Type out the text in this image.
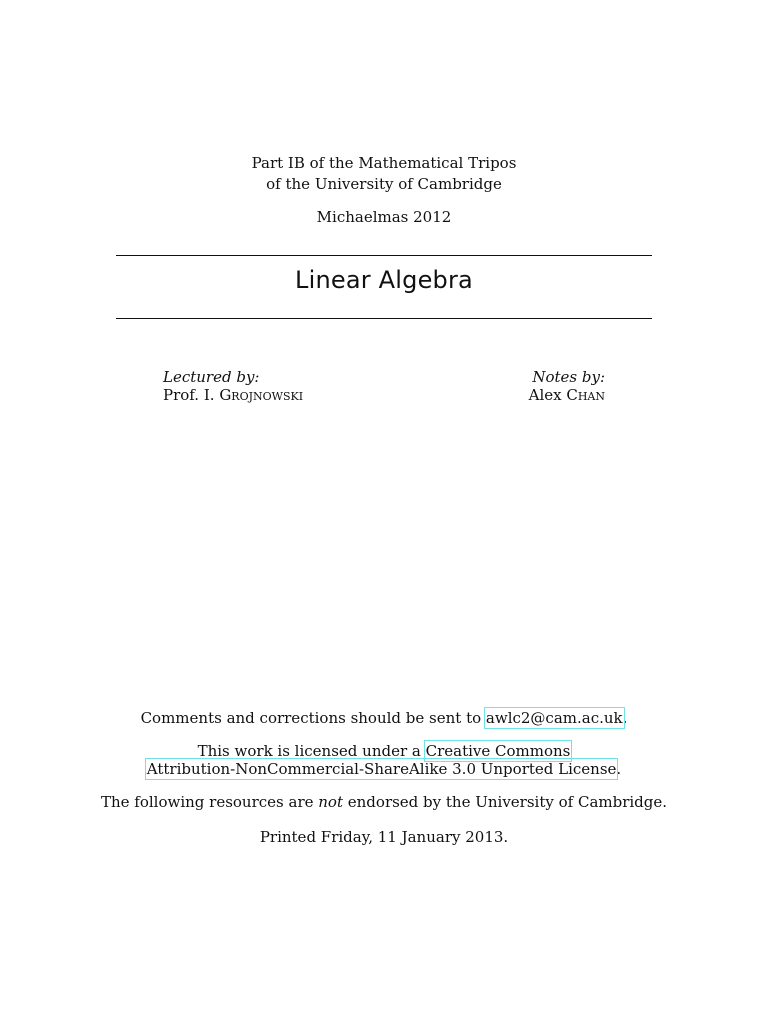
Part IB of the Mathematical Tripos
of the University of Cambridge
Michaelmas 2012
Linear Algebra
Lectured by:
Prof. I. Grojnowski
Notes by:
Alex Chan
Comments and corrections should be sent to awlc2@cam.ac.uk.
This work is licensed under a Creative Commons
Attribution-NonCommercial-ShareAlike 3.0 Unported License.
The following resources are not endorsed by the University of Cambridge.
Printed Friday, 11 January 2013.
